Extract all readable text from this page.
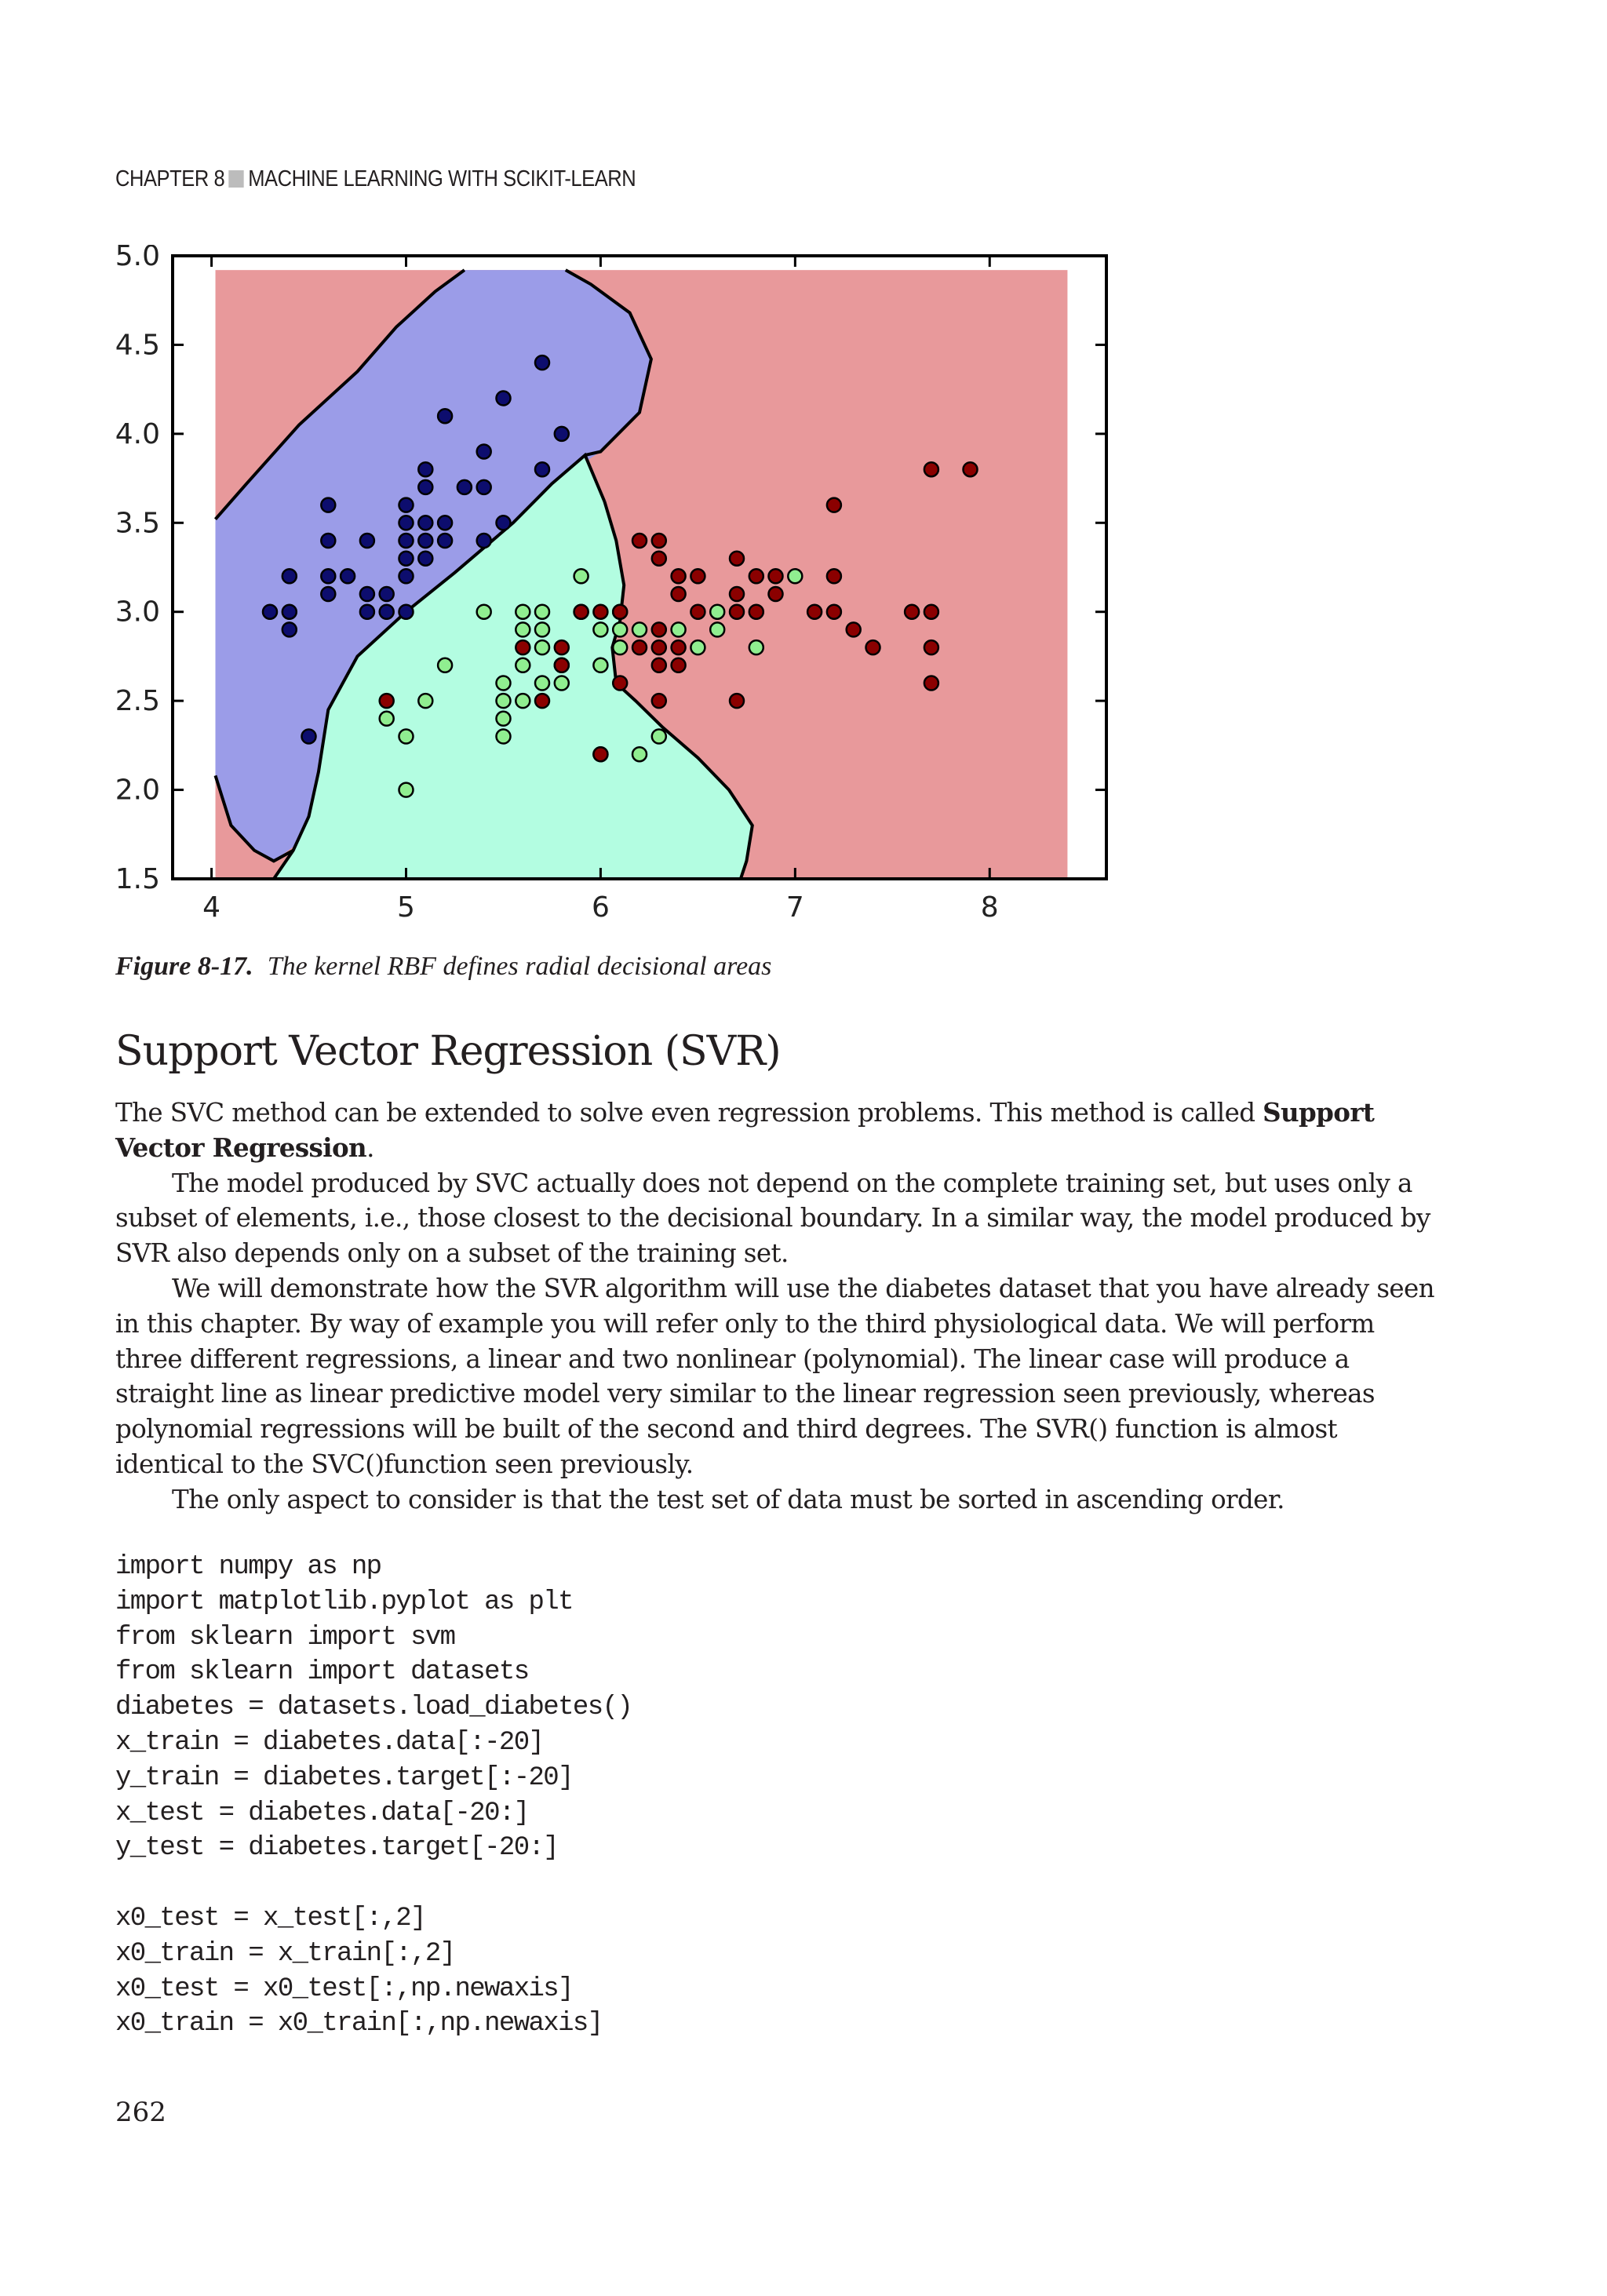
CHAPTER 8 MACHINE LEARNING WITH SCIKIT-LEARN
4	5	6	7	8
1.5
2.0
2.5
3.0
3.5
4.0
4.5
5.0
Figure 8-17. The kernel RBF defines radial decisional areas
Support Vector Regression (SVR)

The SVC method can be extended to solve even regression problems. This method is called Support Vector Regression.

The model produced by SVC actually does not depend on the complete training set, but uses only a subset of elements, i.e., those closest to the decisional boundary. In a similar way, the model produced by SVR also depends only on a subset of the training set.

We will demonstrate how the SVR algorithm will use the diabetes dataset that you have already seen in this chapter. By way of example you will refer only to the third physiological data. We will perform three different regressions, a linear and two nonlinear (polynomial). The linear case will produce a straight line as linear predictive model very similar to the linear regression seen previously, whereas polynomial regressions will be built of the second and third degrees. The SVR() function is almost identical to the SVC()function seen previously.

The only aspect to consider is that the test set of data must be sorted in ascending order.

import numpy as np
import matplotlib.pyplot as plt
from sklearn import svm
from sklearn import datasets
diabetes = datasets.load_diabetes()
x_train = diabetes.data[:-20]
y_train = diabetes.target[:-20]
x_test = diabetes.data[-20:]
y_test = diabetes.target[-20:]

x0_test = x_test[:,2]
x0_train = x_train[:,2]
x0_test = x0_test[:,np.newaxis]
x0_train = x0_train[:,np.newaxis]
262
